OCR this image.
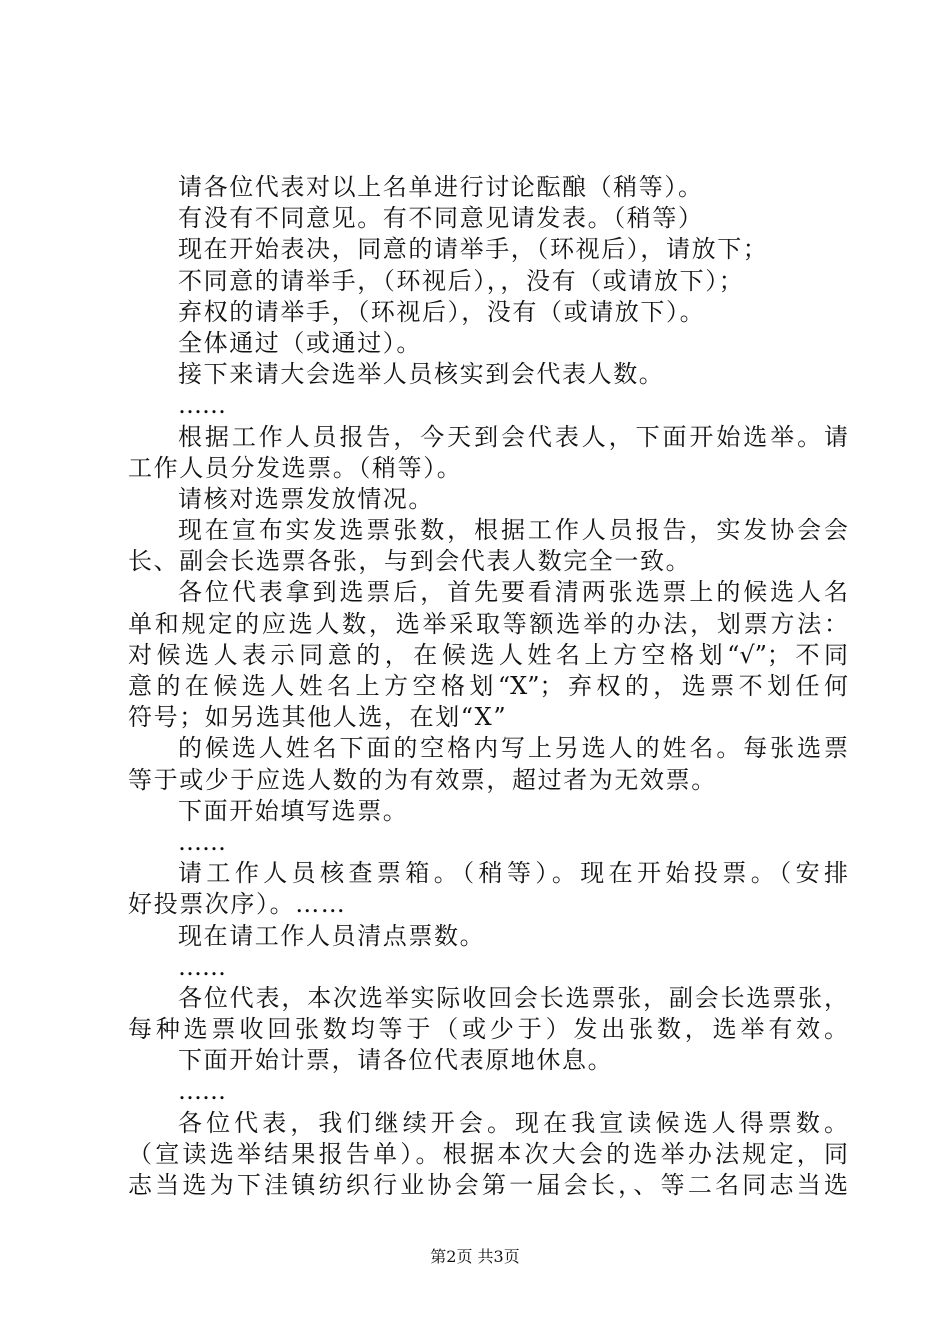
请各位代表对以上名单进行讨论酝酿（稍等）。
有没有不同意见。有不同意见请发表。（稍等）
现在开始表决，同意的请举手，（环视后），请放下；
不同意的请举手，（环视后），，没有（或请放下）；
弃权的请举手，（环视后），没有（或请放下）。
全体通过（或通过）。
接下来请大会选举人员核实到会代表人数。
……
根据工作人员报告，今天到会代表人，下面开始选举。请
工作人员分发选票。（稍等）。
请核对选票发放情况。
现在宣布实发选票张数，根据工作人员报告，实发协会会
长、副会长选票各张，与到会代表人数完全一致。
各位代表拿到选票后，首先要看清两张选票上的候选人名
单和规定的应选人数，选举采取等额选举的办法，划票方法：
对候选人表示同意的，在候选人姓名上方空格划“√”；不同
意的在候选人姓名上方空格划“X”；弃权的，选票不划任何
符号；如另选其他人选，在划“X”
的候选人姓名下面的空格内写上另选人的姓名。每张选票
等于或少于应选人数的为有效票，超过者为无效票。
下面开始填写选票。
……
请工作人员核查票箱。（稍等）。现在开始投票。（安排
好投票次序）。……
现在请工作人员清点票数。
……
各位代表，本次选举实际收回会长选票张，副会长选票张，
每种选票收回张数均等于（或少于）发出张数，选举有效。
下面开始计票，请各位代表原地休息。
……
各位代表，我们继续开会。现在我宣读候选人得票数。
（宣读选举结果报告单）。根据本次大会的选举办法规定，同
志当选为下洼镇纺织行业协会第一届会长，、等二名同志当选
第2页 共3页
